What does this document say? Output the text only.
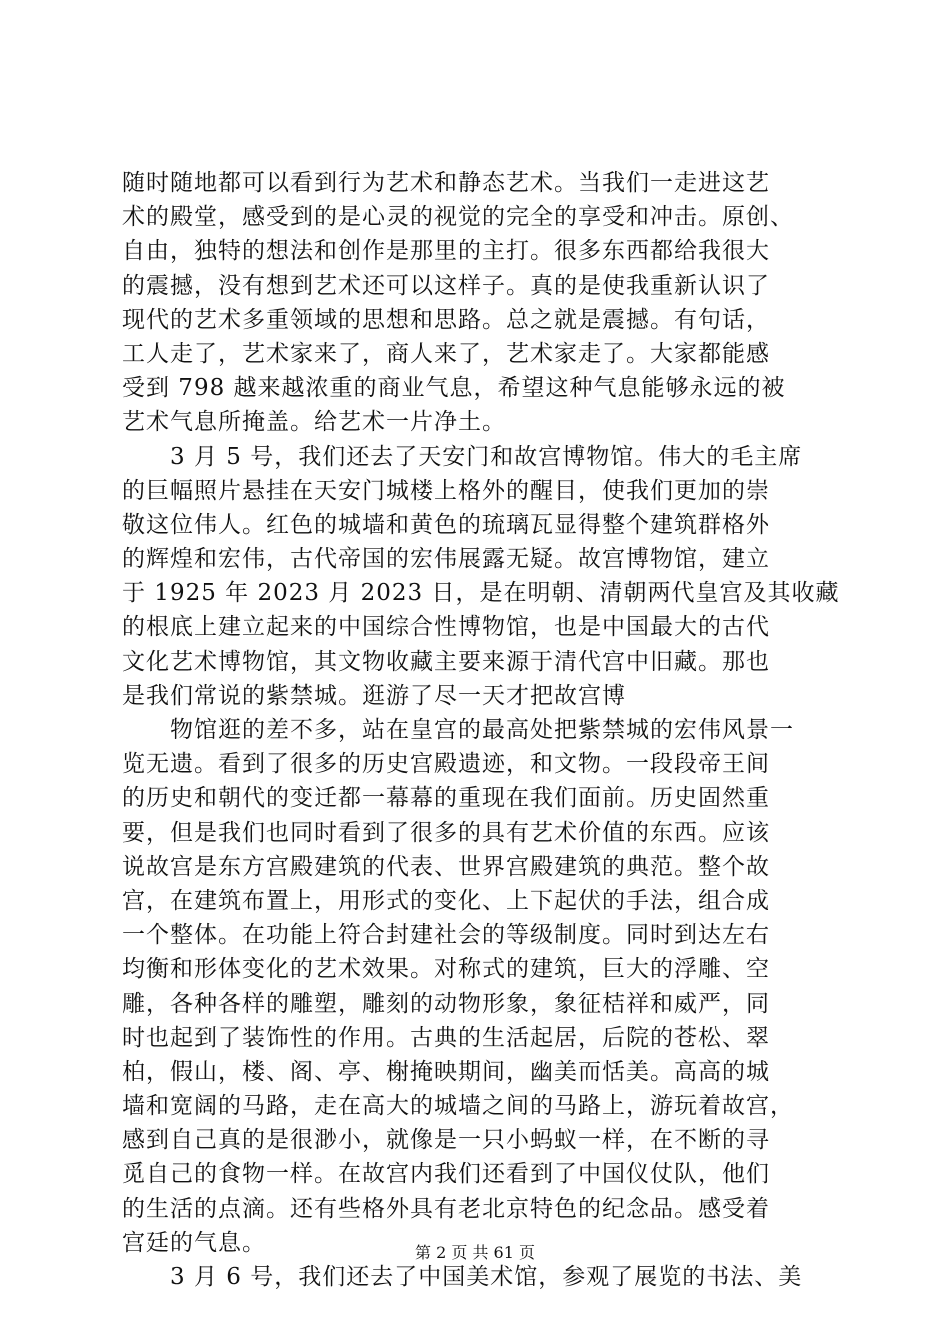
随时随地都可以看到行为艺术和静态艺术。当我们一走进这艺
术的殿堂，感受到的是心灵的视觉的完全的享受和冲击。原创、
自由，独特的想法和创作是那里的主打。很多东西都给我很大
的震撼，没有想到艺术还可以这样子。真的是使我重新认识了
现代的艺术多重领域的思想和思路。总之就是震撼。有句话，
工人走了，艺术家来了，商人来了，艺术家走了。大家都能感
受到 798 越来越浓重的商业气息，希望这种气息能够永远的被
艺术气息所掩盖。给艺术一片净土。
　　3 月 5 号，我们还去了天安门和故宫博物馆。伟大的毛主席
的巨幅照片悬挂在天安门城楼上格外的醒目，使我们更加的崇
敬这位伟人。红色的城墙和黄色的琉璃瓦显得整个建筑群格外
的辉煌和宏伟，古代帝国的宏伟展露无疑。故宫博物馆，建立
于 1925 年 2023 月 2023 日，是在明朝、清朝两代皇宫及其收藏
的根底上建立起来的中国综合性博物馆，也是中国最大的古代
文化艺术博物馆，其文物收藏主要来源于清代宫中旧藏。那也
是我们常说的紫禁城。逛游了尽一天才把故宫博
　　物馆逛的差不多，站在皇宫的最高处把紫禁城的宏伟风景一
览无遗。看到了很多的历史宫殿遗迹，和文物。一段段帝王间
的历史和朝代的变迁都一幕幕的重现在我们面前。历史固然重
要，但是我们也同时看到了很多的具有艺术价值的东西。应该
说故宫是东方宫殿建筑的代表、世界宫殿建筑的典范。整个故
宫，在建筑布置上，用形式的变化、上下起伏的手法，组合成
一个整体。在功能上符合封建社会的等级制度。同时到达左右
均衡和形体变化的艺术效果。对称式的建筑，巨大的浮雕、空
雕，各种各样的雕塑，雕刻的动物形象，象征桔祥和威严，同
时也起到了装饰性的作用。古典的生活起居，后院的苍松、翠
柏，假山，楼、阁、亭、榭掩映期间，幽美而恬美。高高的城
墙和宽阔的马路，走在高大的城墙之间的马路上，游玩着故宫，
感到自己真的是很渺小，就像是一只小蚂蚁一样，在不断的寻
觅自己的食物一样。在故宫内我们还看到了中国仪仗队，他们
的生活的点滴。还有些格外具有老北京特色的纪念品。感受着
宫廷的气息。
　　3 月 6 号，我们还去了中国美术馆，参观了展览的书法、美
第 2 页 共 61 页
